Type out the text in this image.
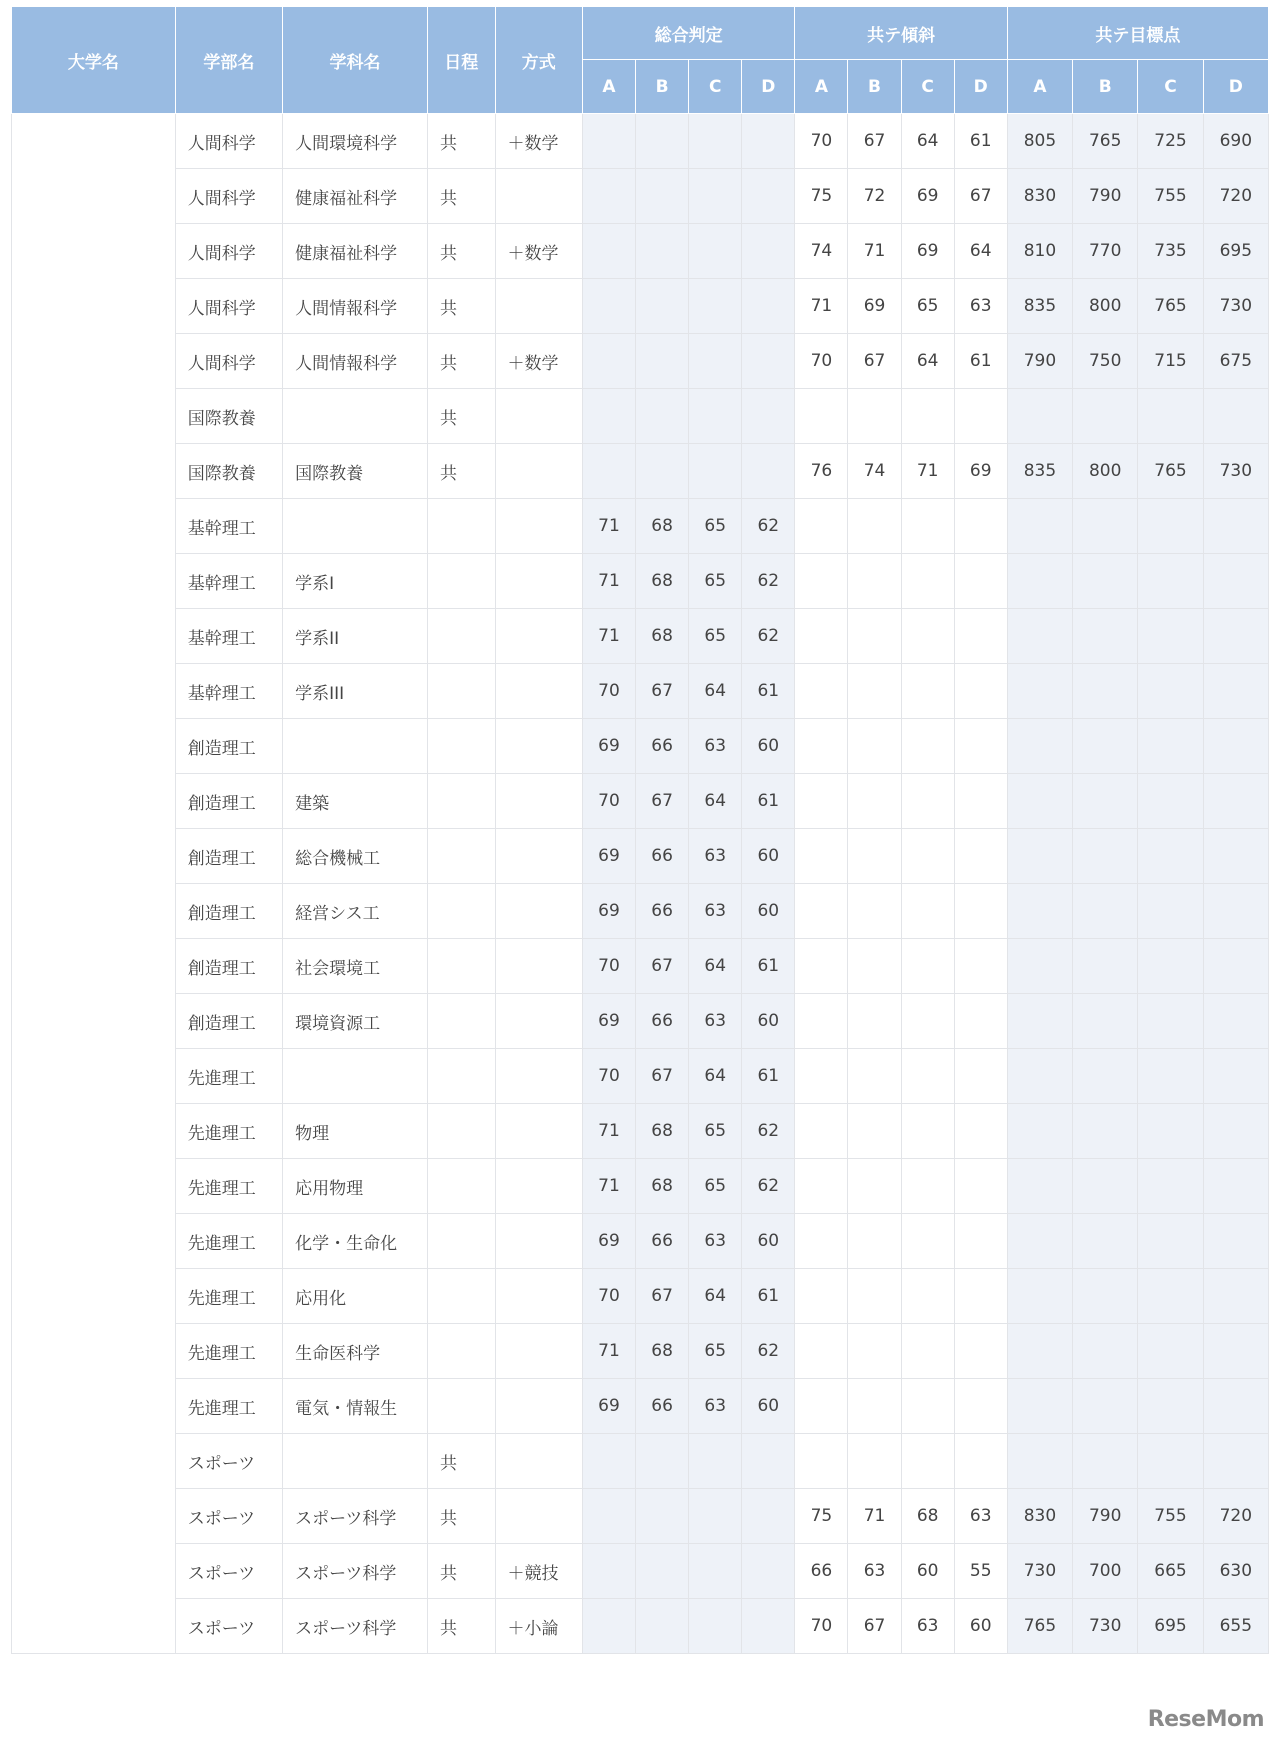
大学名	学部名	学科名	日程	方式	総合判定				共テ傾斜				共テ目標点			
					A	B	C	D	A	B	C	D	A	B	C	D
	人間科学	人間環境科学	共	＋数学					70	67	64	61	805	765	725	690
	人間科学	健康福祉科学	共						75	72	69	67	830	790	755	720
	人間科学	健康福祉科学	共	＋数学					74	71	69	64	810	770	735	695
	人間科学	人間情報科学	共						71	69	65	63	835	800	765	730
	人間科学	人間情報科学	共	＋数学					70	67	64	61	790	750	715	675
	国際教養		共													
	国際教養	国際教養	共						76	74	71	69	835	800	765	730
	基幹理工				71	68	65	62								
	基幹理工	学系I			71	68	65	62								
	基幹理工	学系II			71	68	65	62								
	基幹理工	学系III			70	67	64	61								
	創造理工				69	66	63	60								
	創造理工	建築			70	67	64	61								
	創造理工	総合機械工			69	66	63	60								
	創造理工	経営シス工			69	66	63	60								
	創造理工	社会環境工			70	67	64	61								
	創造理工	環境資源工			69	66	63	60								
	先進理工				70	67	64	61								
	先進理工	物理			71	68	65	62								
	先進理工	応用物理			71	68	65	62								
	先進理工	化学・生命化			69	66	63	60								
	先進理工	応用化			70	67	64	61								
	先進理工	生命医科学			71	68	65	62								
	先進理工	電気・情報生			69	66	63	60								
	スポーツ		共													
	スポーツ	スポーツ科学	共						75	71	68	63	830	790	755	720
	スポーツ	スポーツ科学	共	＋競技					66	63	60	55	730	700	665	630
	スポーツ	スポーツ科学	共	＋小論					70	67	63	60	765	730	695	655
ReseMom
